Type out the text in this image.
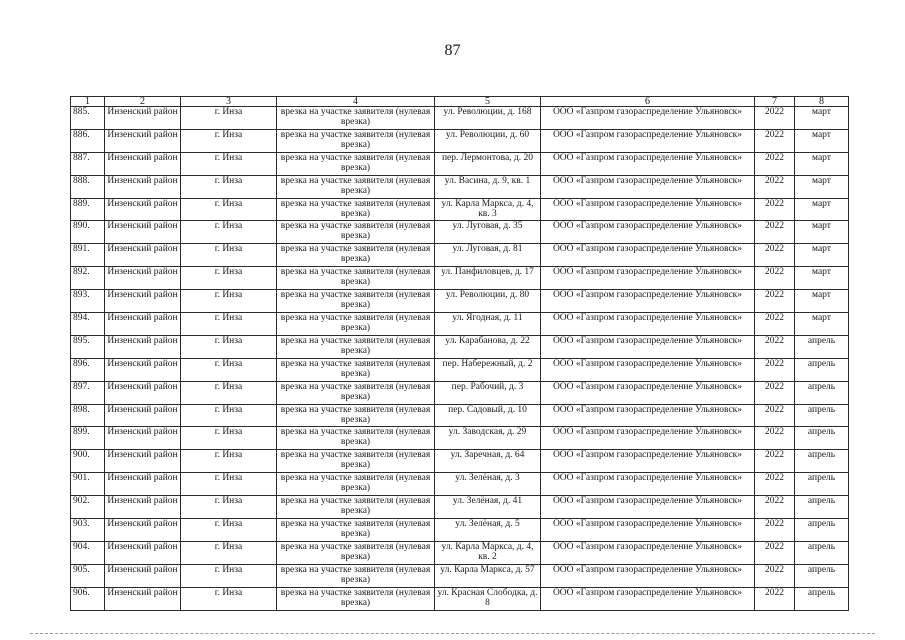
87
1	2	3	4	5	6	7	8
885.	Инзенский район	г. Инза	врезка на участке заявителя (нулевая врезка)	ул. Революции, д. 168	ООО «Газпром газораспределение Ульяновск»	2022	март
886.	Инзенский район	г. Инза	врезка на участке заявителя (нулевая врезка)	ул. Революции, д. 60	ООО «Газпром газораспределение Ульяновск»	2022	март
887.	Инзенский район	г. Инза	врезка на участке заявителя (нулевая врезка)	пер. Лермонтова, д. 20	ООО «Газпром газораспределение Ульяновск»	2022	март
888.	Инзенский район	г. Инза	врезка на участке заявителя (нулевая врезка)	ул. Васина, д. 9, кв. 1	ООО «Газпром газораспределение Ульяновск»	2022	март
889.	Инзенский район	г. Инза	врезка на участке заявителя (нулевая врезка)	ул. Карла Маркса, д. 4, кв. 3	ООО «Газпром газораспределение Ульяновск»	2022	март
890.	Инзенский район	г. Инза	врезка на участке заявителя (нулевая врезка)	ул. Луговая, д. 35	ООО «Газпром газораспределение Ульяновск»	2022	март
891.	Инзенский район	г. Инза	врезка на участке заявителя (нулевая врезка)	ул. Луговая, д. 81	ООО «Газпром газораспределение Ульяновск»	2022	март
892.	Инзенский район	г. Инза	врезка на участке заявителя (нулевая врезка)	ул. Панфиловцев, д. 17	ООО «Газпром газораспределение Ульяновск»	2022	март
893.	Инзенский район	г. Инза	врезка на участке заявителя (нулевая врезка)	ул. Революции, д. 80	ООО «Газпром газораспределение Ульяновск»	2022	март
894.	Инзенский район	г. Инза	врезка на участке заявителя (нулевая врезка)	ул. Ягодная, д. 11	ООО «Газпром газораспределение Ульяновск»	2022	март
895.	Инзенский район	г. Инза	врезка на участке заявителя (нулевая врезка)	ул. Карабанова, д. 22	ООО «Газпром газораспределение Ульяновск»	2022	апрель
896.	Инзенский район	г. Инза	врезка на участке заявителя (нулевая врезка)	пер. Набережный, д. 2	ООО «Газпром газораспределение Ульяновск»	2022	апрель
897.	Инзенский район	г. Инза	врезка на участке заявителя (нулевая врезка)	пер. Рабочий, д. 3	ООО «Газпром газораспределение Ульяновск»	2022	апрель
898.	Инзенский район	г. Инза	врезка на участке заявителя (нулевая врезка)	пер. Садовый, д. 10	ООО «Газпром газораспределение Ульяновск»	2022	апрель
899.	Инзенский район	г. Инза	врезка на участке заявителя (нулевая врезка)	ул. Заводская, д. 29	ООО «Газпром газораспределение Ульяновск»	2022	апрель
900.	Инзенский район	г. Инза	врезка на участке заявителя (нулевая врезка)	ул. Заречная, д. 64	ООО «Газпром газораспределение Ульяновск»	2022	апрель
901.	Инзенский район	г. Инза	врезка на участке заявителя (нулевая врезка)	ул. Зелёная, д. 3	ООО «Газпром газораспределение Ульяновск»	2022	апрель
902.	Инзенский район	г. Инза	врезка на участке заявителя (нулевая врезка)	ул. Зелёная, д. 41	ООО «Газпром газораспределение Ульяновск»	2022	апрель
903.	Инзенский район	г. Инза	врезка на участке заявителя (нулевая врезка)	ул. Зелёная, д. 5	ООО «Газпром газораспределение Ульяновск»	2022	апрель
904.	Инзенский район	г. Инза	врезка на участке заявителя (нулевая врезка)	ул. Карла Маркса, д. 4, кв. 2	ООО «Газпром газораспределение Ульяновск»	2022	апрель
905.	Инзенский район	г. Инза	врезка на участке заявителя (нулевая врезка)	ул. Карла Маркса, д. 57	ООО «Газпром газораспределение Ульяновск»	2022	апрель
906.	Инзенский район	г. Инза	врезка на участке заявителя (нулевая врезка)	ул. Красная Слободка, д. 8	ООО «Газпром газораспределение Ульяновск»	2022	апрель
